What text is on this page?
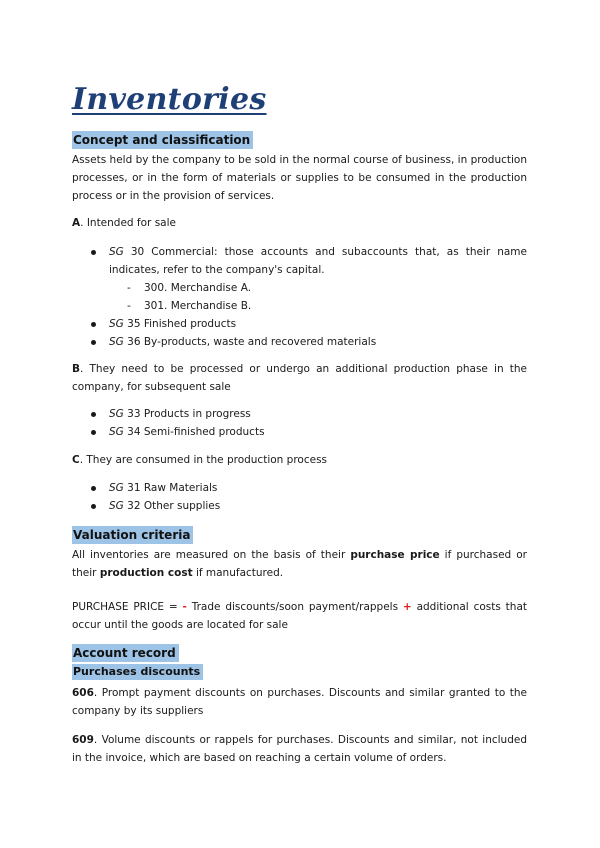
Inventories
Concept and classification

Assets held by the company to be sold in the normal course of business, in production processes, or in the form of materials or supplies to be consumed in the production process or in the provision of services.

A. Intended for sale

SG 30 Commercial: those accounts and subaccounts that, as their name indicates, refer to the company's capital.
- 300. Merchandise A.
- 301. Merchandise B.
SG 35 Finished products
SG 36 By-products, waste and recovered materials

B. They need to be processed or undergo an additional production phase in the company, for subsequent sale

SG 33 Products in progress
SG 34 Semi-finished products

C. They are consumed in the production process

SG 31 Raw Materials
SG 32 Other supplies
Valuation criteria

All inventories are measured on the basis of their purchase price if purchased or their production cost if manufactured.

PURCHASE PRICE = - Trade discounts/soon payment/rappels + additional costs that occur until the goods are located for sale

Account record
Purchases discounts

606. Prompt payment discounts on purchases. Discounts and similar granted to the company by its suppliers

609. Volume discounts or rappels for purchases. Discounts and similar, not included in the invoice, which are based on reaching a certain volume of orders.
